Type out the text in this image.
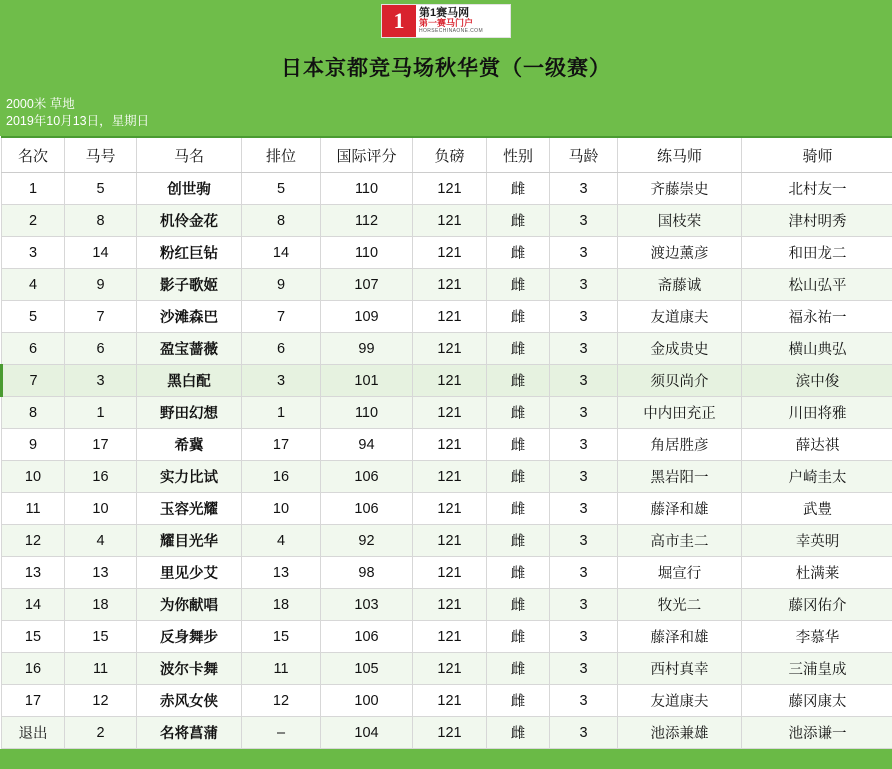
1	第1赛马网
第一赛马门户
HORSECHINAONE.COM
日本京都竞马场秋华赏（一级赛）
2000米 草地
2019年10月13日，星期日
名次	马号	马名	排位	国际评分	负磅	性别	马龄	练马师	骑师
1	5	创世驹	5	110	121	雌	3	齐藤崇史	北村友一
2	8	机伶金花	8	112	121	雌	3	国枝荣	津村明秀
3	14	粉红巨钻	14	110	121	雌	3	渡边薰彦	和田龙二
4	9	影子歌姬	9	107	121	雌	3	斋藤诚	松山弘平
5	7	沙滩森巴	7	109	121	雌	3	友道康夫	福永祐一
6	6	盈宝蔷薇	6	99	121	雌	3	金成贵史	横山典弘
7	3	黑白配	3	101	121	雌	3	须贝尚介	滨中俊
8	1	野田幻想	1	110	121	雌	3	中内田充正	川田将雅
9	17	希冀	17	94	121	雌	3	角居胜彦	薛达祺
10	16	实力比试	16	106	121	雌	3	黑岩阳一	户崎圭太
11	10	玉容光耀	10	106	121	雌	3	藤泽和雄	武豊
12	4	耀目光华	4	92	121	雌	3	高市圭二	幸英明
13	13	里见少艾	13	98	121	雌	3	堀宣行	杜满莱
14	18	为你献唱	18	103	121	雌	3	牧光二	藤冈佑介
15	15	反身舞步	15	106	121	雌	3	藤泽和雄	李慕华
16	11	波尔卡舞	11	105	121	雌	3	西村真幸	三浦皇成
17	12	赤风女侠	12	100	121	雌	3	友道康夫	藤冈康太
退出	2	名将菖蒲	–	104	121	雌	3	池添兼雄	池添谦一
